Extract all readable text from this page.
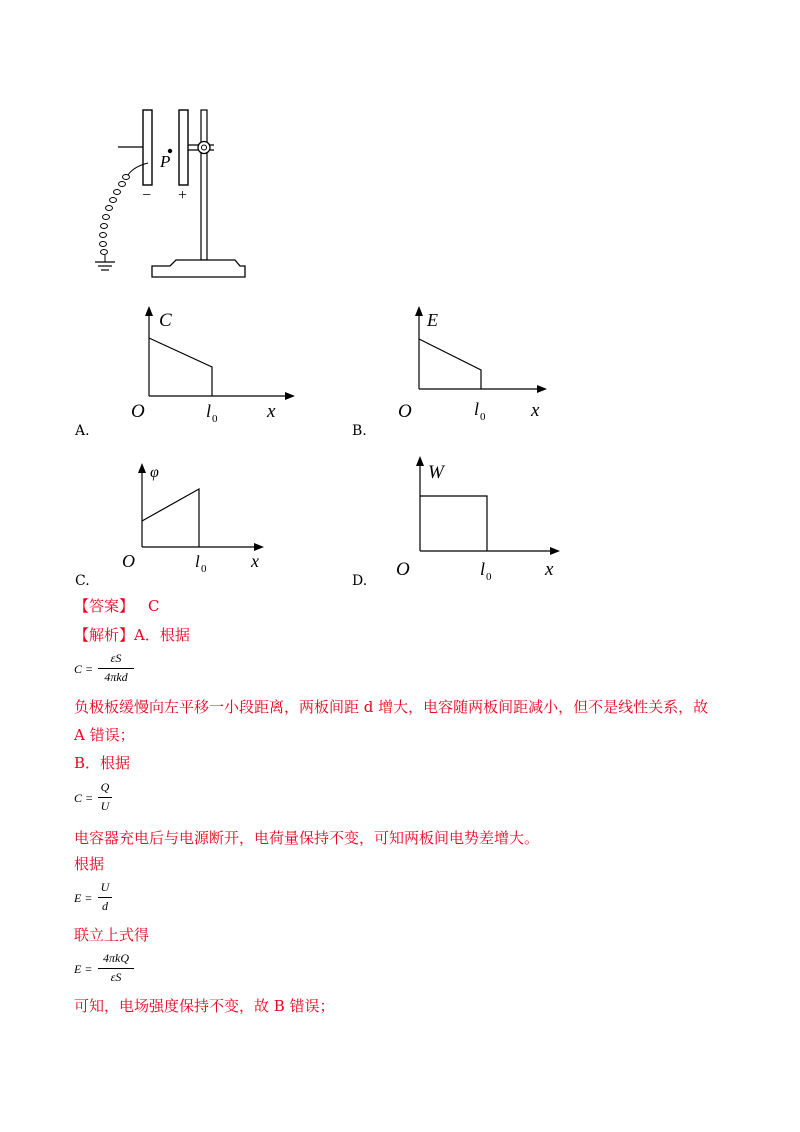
P
− +
A.
C
O	l 0	x
B.
E
O	l 0 x
C.
φ
O	l 0 x
D.
W
O	l 0	x
【答案】 C
【解析】A．根据
C =
εS
4πkd
负极板缓慢向左平移一小段距离，两板间距 d 增大，电容随两板间距减小，但不是线性关系，故
A 错误；
B．根据
C =
Q
U
电容器充电后与电源断开，电荷量保持不变，可知两板间电势差增大。
根据
E =
U
d
联立上式得
E =
4πkQ
εS
可知，电场强度保持不变，故 B 错误；
